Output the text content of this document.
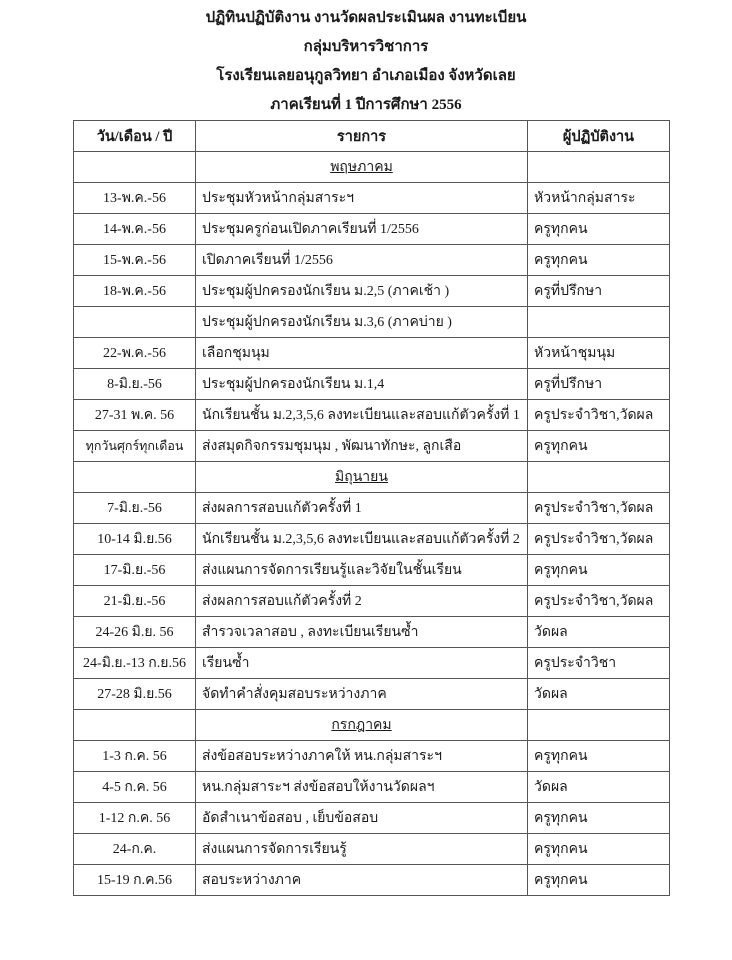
ปฏิทินปฏิบัติงาน งานวัดผลประเมินผล งานทะเบียน
กลุ่มบริหารวิชาการ
โรงเรียนเลยอนุกูลวิทยา อำเภอเมือง จังหวัดเลย
ภาคเรียนที่ 1 ปีการศึกษา 2556
วัน/เดือน / ปี	รายการ	ผู้ปฏิบัติงาน
	พฤษภาคม	
13-พ.ค.-56	ประชุมหัวหน้ากลุ่มสาระฯ	หัวหน้ากลุ่มสาระ
14-พ.ค.-56	ประชุมครูก่อนเปิดภาคเรียนที่ 1/2556	ครูทุกคน
15-พ.ค.-56	เปิดภาคเรียนที่ 1/2556	ครูทุกคน
18-พ.ค.-56	ประชุมผู้ปกครองนักเรียน ม.2,5 (ภาคเช้า )	ครูที่ปรึกษา
	ประชุมผู้ปกครองนักเรียน ม.3,6 (ภาคบ่าย )	
22-พ.ค.-56	เลือกชุมนุม	หัวหน้าชุมนุม
8-มิ.ย.-56	ประชุมผู้ปกครองนักเรียน ม.1,4	ครูที่ปรึกษา
27-31 พ.ค. 56	นักเรียนชั้น ม.2,3,5,6 ลงทะเบียนและสอบแก้ตัวครั้งที่ 1	ครูประจำวิชา,วัดผล
ทุกวันศุกร์ทุกเดือน	ส่งสมุดกิจกรรมชุมนุม , พัฒนาทักษะ, ลูกเสือ	ครูทุกคน
	มิถุนายน	
7-มิ.ย.-56	ส่งผลการสอบแก้ตัวครั้งที่ 1	ครูประจำวิชา,วัดผล
10-14 มิ.ย.56	นักเรียนชั้น ม.2,3,5,6 ลงทะเบียนและสอบแก้ตัวครั้งที่ 2	ครูประจำวิชา,วัดผล
17-มิ.ย.-56	ส่งแผนการจัดการเรียนรู้และวิจัยในชั้นเรียน	ครูทุกคน
21-มิ.ย.-56	ส่งผลการสอบแก้ตัวครั้งที่ 2	ครูประจำวิชา,วัดผล
24-26 มิ.ย. 56	สำรวจเวลาสอบ , ลงทะเบียนเรียนซ้ำ	วัดผล
24-มิ.ย.-13 ก.ย.56	เรียนซ้ำ	ครูประจำวิชา
27-28 มิ.ย.56	จัดทำคำสั่งคุมสอบระหว่างภาค	วัดผล
	กรกฎาคม	
1-3 ก.ค. 56	ส่งข้อสอบระหว่างภาคให้ หน.กลุ่มสาระฯ	ครูทุกคน
4-5 ก.ค. 56	หน.กลุ่มสาระฯ ส่งข้อสอบให้งานวัดผลฯ	วัดผล
1-12 ก.ค. 56	อัดสำเนาข้อสอบ , เย็บข้อสอบ	ครูทุกคน
24-ก.ค.	ส่งแผนการจัดการเรียนรู้	ครูทุกคน
15-19 ก.ค.56	สอบระหว่างภาค	ครูทุกคน
